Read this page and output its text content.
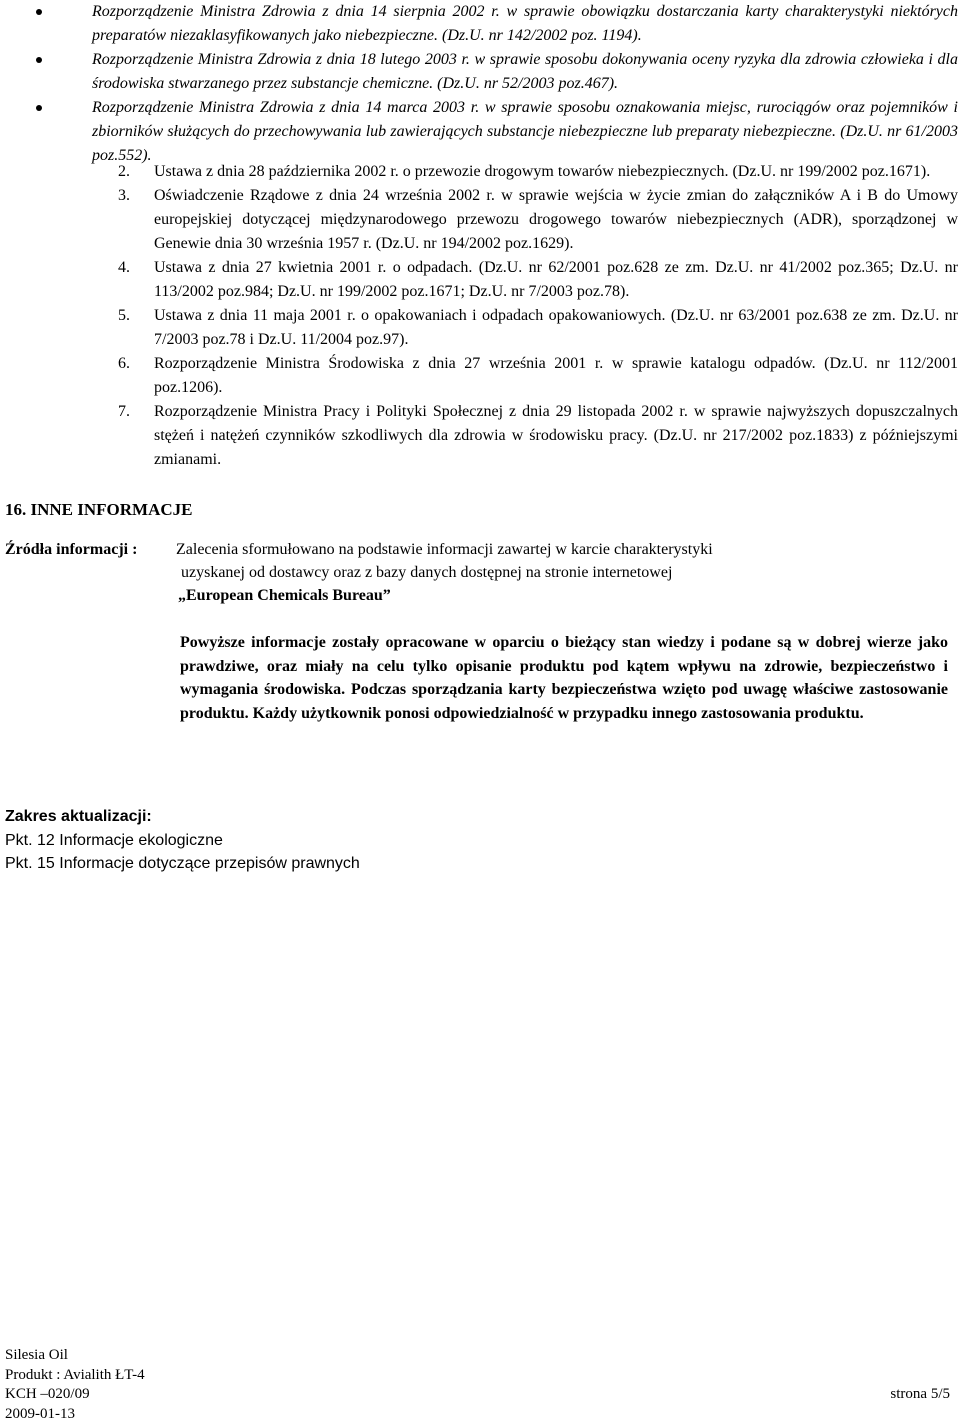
Rozporządzenie Ministra Zdrowia z dnia 14 sierpnia 2002 r. w sprawie obowiązku dostarczania karty charakterystyki niektórych preparatów niezaklasyfikowanych jako niebezpieczne. (Dz.U. nr 142/2002 poz. 1194).

Rozporządzenie Ministra Zdrowia z dnia 18 lutego 2003 r. w sprawie sposobu dokonywania oceny ryzyka dla zdrowia człowieka i dla środowiska stwarzanego przez substancje chemiczne. (Dz.U. nr 52/2003 poz.467).

Rozporządzenie Ministra Zdrowia z dnia 14 marca 2003 r. w sprawie sposobu oznakowania miejsc, rurociągów oraz pojemników i zbiorników służących do przechowywania lub zawierających substancje niebezpieczne lub preparaty niebezpieczne. (Dz.U. nr 61/2003 poz.552).

2. Ustawa z dnia 28 października 2002 r. o przewozie drogowym towarów niebezpiecznych. (Dz.U. nr 199/2002 poz.1671).

3. Oświadczenie Rządowe z dnia 24 września 2002 r. w sprawie wejścia w życie zmian do załączników A i B do Umowy europejskiej dotyczącej międzynarodowego przewozu drogowego towarów niebezpiecznych (ADR), sporządzonej w Genewie dnia 30 września 1957 r. (Dz.U. nr 194/2002 poz.1629).

4. Ustawa z dnia 27 kwietnia 2001 r. o odpadach. (Dz.U. nr 62/2001 poz.628 ze zm. Dz.U. nr 41/2002 poz.365; Dz.U. nr 113/2002 poz.984; Dz.U. nr 199/2002 poz.1671; Dz.U. nr 7/2003 poz.78).

5. Ustawa z dnia 11 maja 2001 r. o opakowaniach i odpadach opakowaniowych. (Dz.U. nr 63/2001 poz.638 ze zm. Dz.U. nr 7/2003 poz.78 i Dz.U. 11/2004 poz.97).

6. Rozporządzenie Ministra Środowiska z dnia 27 września 2001 r. w sprawie katalogu odpadów. (Dz.U. nr 112/2001 poz.1206).

7. Rozporządzenie Ministra Pracy i Polityki Społecznej z dnia 29 listopada 2002 r. w sprawie najwyższych dopuszczalnych stężeń i natężeń czynników szkodliwych dla zdrowia w środowisku pracy. (Dz.U. nr 217/2002 poz.1833) z późniejszymi zmianami.

16. INNE INFORMACJE
Źródła informacji : Zalecenia sformułowano na podstawie informacji zawartej w karcie charakterystyki
uzyskanej od dostawcy oraz z bazy danych dostępnej na stronie internetowej
„European Chemicals Bureau”

Powyższe informacje zostały opracowane w oparciu o bieżący stan wiedzy i podane są w dobrej wierze jako prawdziwe, oraz miały na celu tylko opisanie produktu pod kątem wpływu na zdrowie, bezpieczeństwo i wymagania środowiska. Podczas sporządzania karty bezpieczeństwa wzięto pod uwagę właściwe zastosowanie produktu. Każdy użytkownik ponosi odpowiedzialność w przypadku innego zastosowania produktu.

Zakres aktualizacji:
Pkt. 12 Informacje ekologiczne
Pkt. 15 Informacje dotyczące przepisów prawnych
Silesia Oil
Produkt : Avialith ŁT-4
KCH –020/09
2009-01-13
strona 5/5
